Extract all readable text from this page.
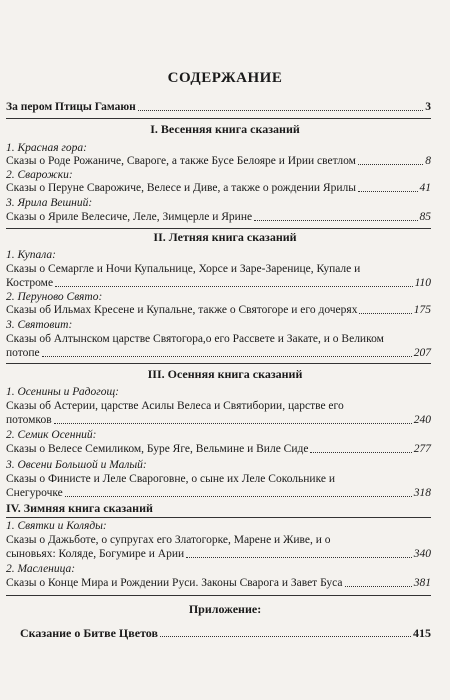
СОДЕРЖАНИЕ
За пером Птицы Гамаюн	3
I. Весенняя книга сказаний
1. Красная гора:
Сказы о Роде Рожаниче, Свароге, а также Бусе Белояре и Ирии светлом	8
2. Сварожки:
Сказы о Перуне Сварожиче, Велесе и Диве, а также о рождении Ярилы	41
3. Ярила Вешний:
Сказы о Яриле Велесиче, Леле, Зимцерле и Ярине	85
II. Летняя книга сказаний
1. Купала:
Сказы о Семаргле и Ночи Купальнице, Хорсе и Заре-Заренице, Купале и
Костроме	110
2. Перуново Свято:
Сказы об Ильмах Кресене и Купальне, также о Святогоре и его дочерях	175
3. Святовит:
Сказы об Алтынском царстве Святогора,о его Рассвете и Закате, и о Великом
потопе	207
III. Осенняя книга сказаний
1. Осенины и Радогощ:
Сказы об Астерии, царстве Асилы Велеса и Святибории, царстве его
потомков	240
2. Семик Осенний:
Сказы о Велесе Семиликом, Буре Яге, Вельмине и Виле Сиде	277
3. Овсени Большой и Малый:
Сказы о Финисте и Леле Свароговне, о сыне их Леле Сокольнике и
Снегурочке	318
IV. Зимняя книга сказаний
1. Святки и Коляды:
Сказы о Дажьботе, о супругах его Златогорке, Марене и Живе, и о
сыновьях: Коляде, Богумире и Арии	340
2. Масленица:
Сказы о Конце Мира и Рождении Руси. Законы Сварога и Завет Буса	381
Приложение:
Сказание о Битве Цветов	415
